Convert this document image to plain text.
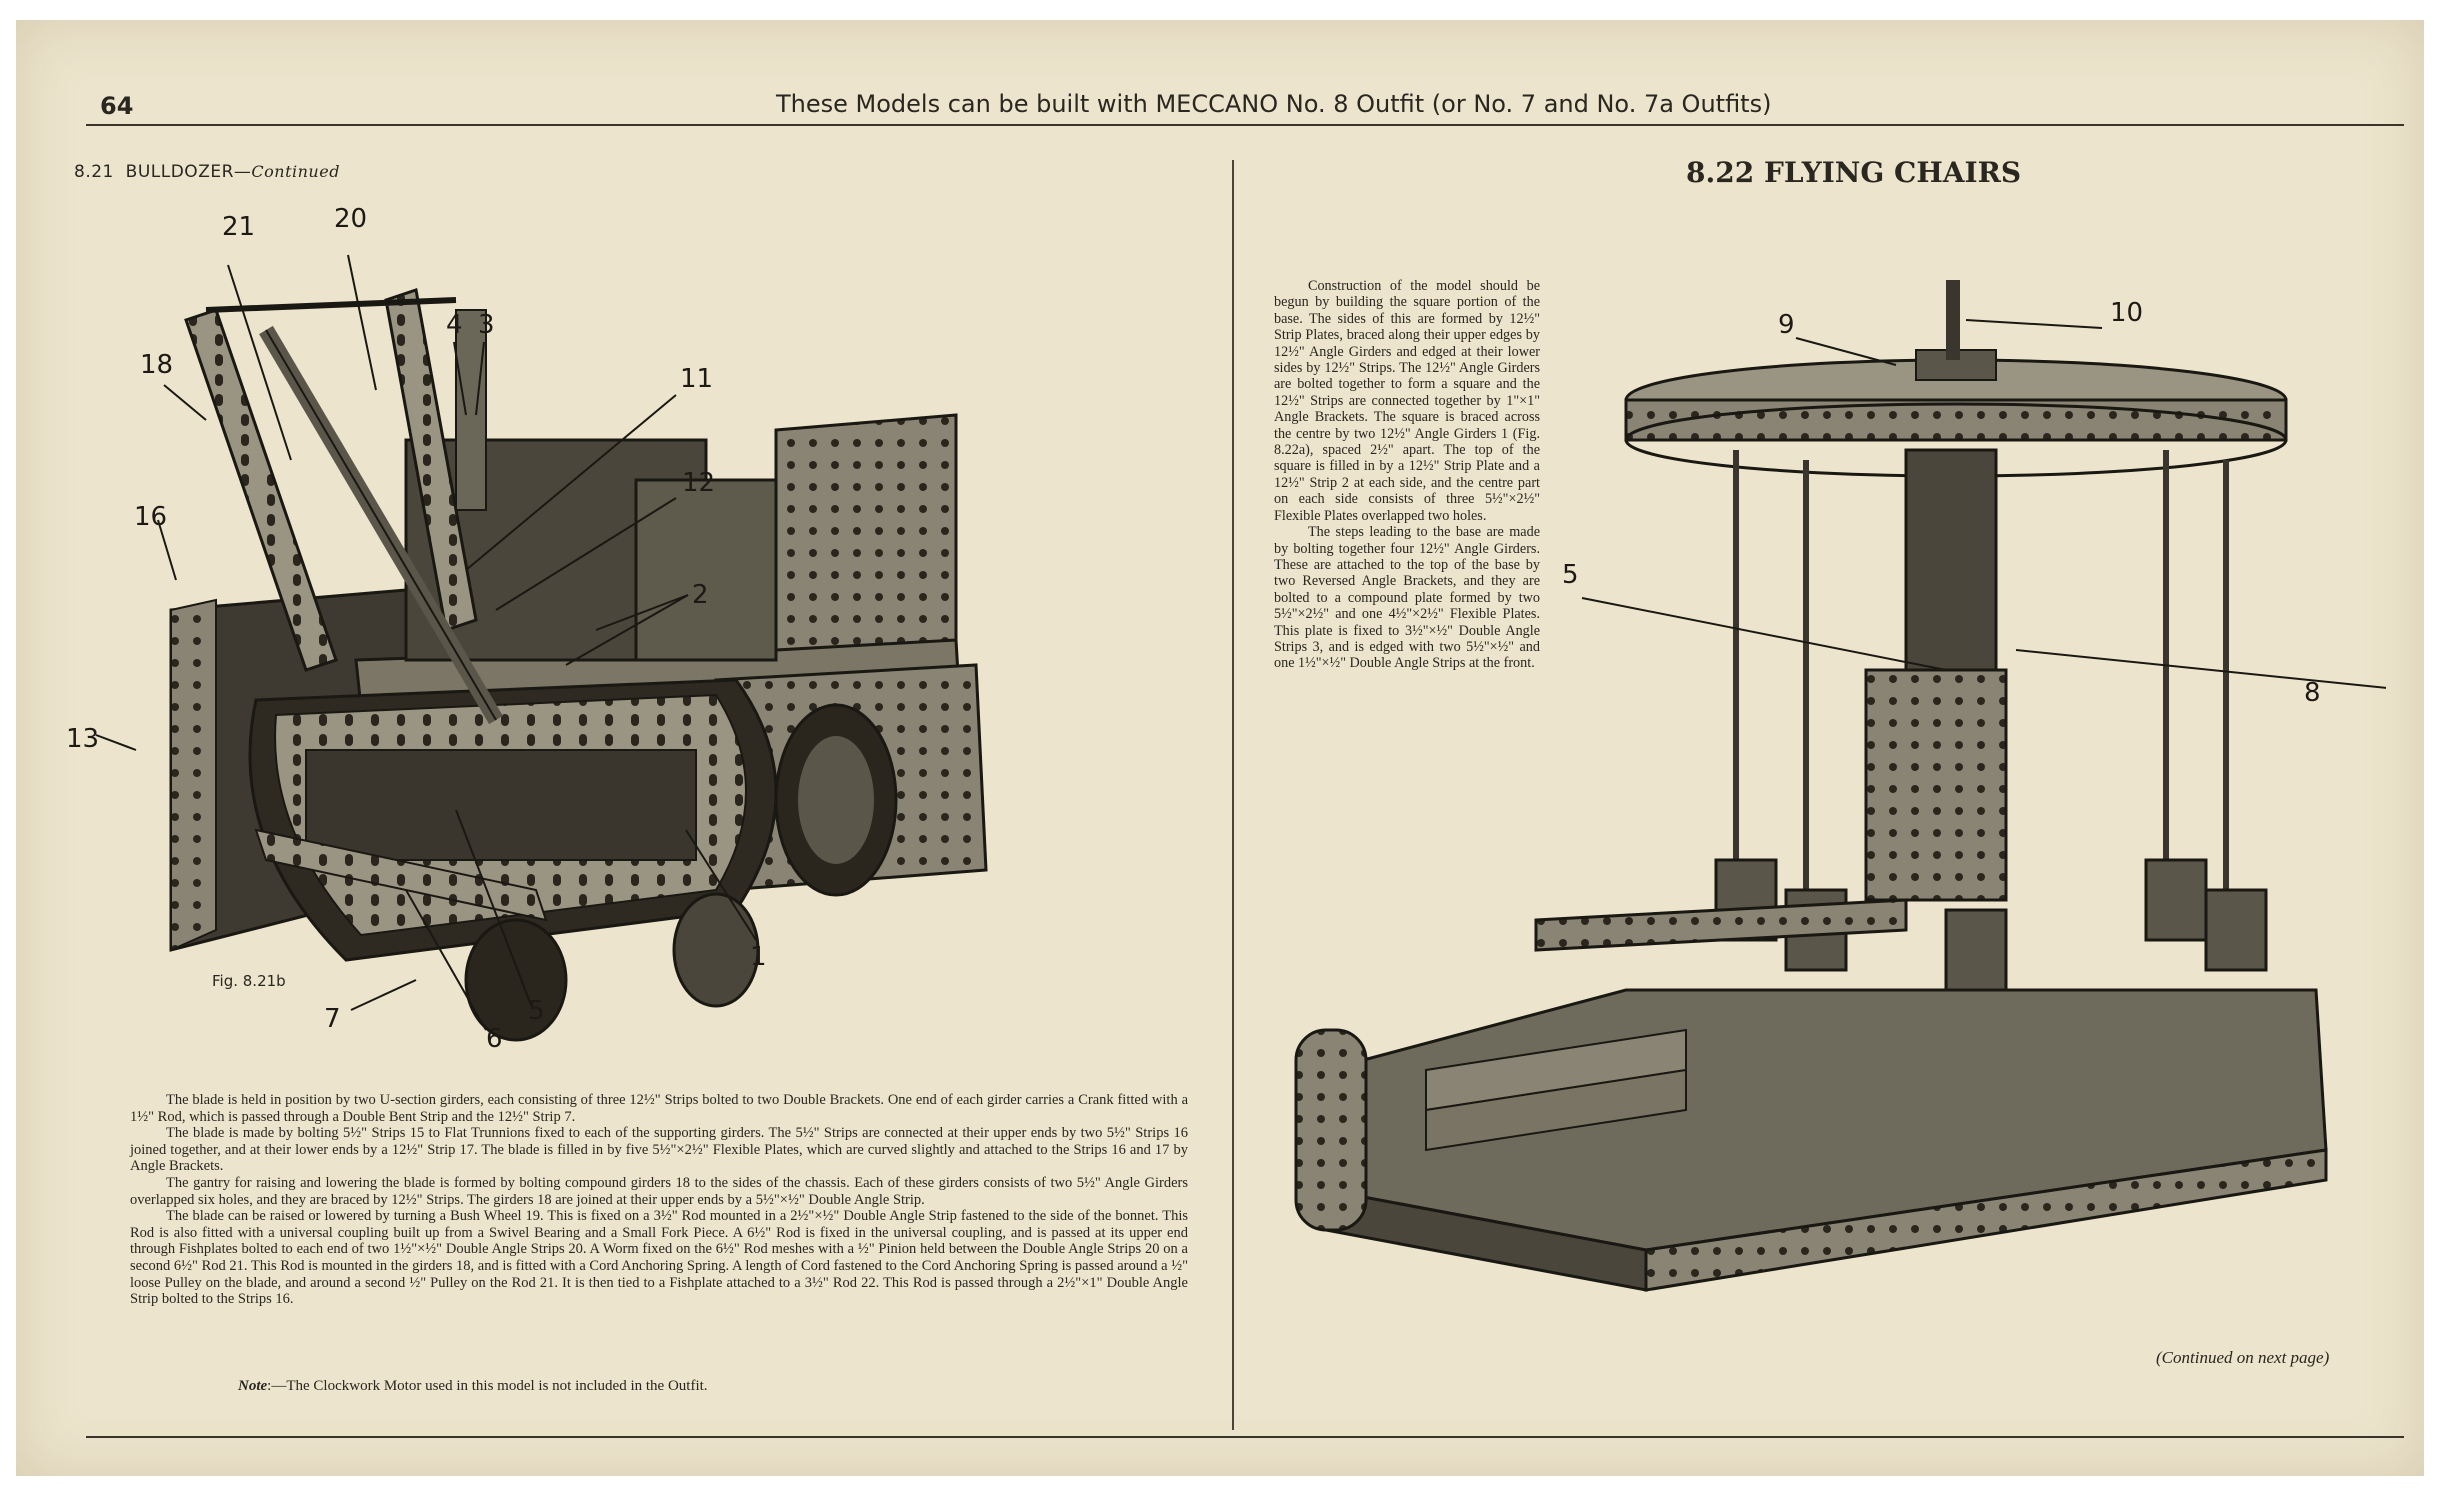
64	These Models can be built with MECCANO No. 8 Outfit (or No. 7 and No. 7a Outfits)
8.21 BULLDOZER—Continued
21	20
4 3
18	11
12
16
2
13
1
7
6
5
Fig. 8.21b

The blade is held in position by two U-section girders, each consisting of three 12½" Strips bolted to two Double Brackets. One end of each girder carries a Crank fitted with a 1½" Rod, which is passed through a Double Bent Strip and the 12½" Strip 7.

The blade is made by bolting 5½" Strips 15 to Flat Trunnions fixed to each of the supporting girders. The 5½" Strips are connected at their upper ends by two 5½" Strips 16 joined together, and at their lower ends by a 12½" Strip 17. The blade is filled in by five 5½"×2½" Flexible Plates, which are curved slightly and attached to the Strips 16 and 17 by Angle Brackets.

The gantry for raising and lowering the blade is formed by bolting compound girders 18 to the sides of the chassis. Each of these girders consists of two 5½" Angle Girders overlapped six holes, and they are braced by 12½" Strips. The girders 18 are joined at their upper ends by a 5½"×½" Double Angle Strip.

The blade can be raised or lowered by turning a Bush Wheel 19. This is fixed on a 3½" Rod mounted in a 2½"×½" Double Angle Strip fastened to the side of the bonnet. This Rod is also fitted with a universal coupling built up from a Swivel Bearing and a Small Fork Piece. A 6½" Rod is fixed in the universal coupling, and is passed at its upper end through Fishplates bolted to each end of two 1½"×½" Double Angle Strips 20. A Worm fixed on the 6½" Rod meshes with a ½" Pinion held between the Double Angle Strips 20 on a second 6½" Rod 21. This Rod is mounted in the girders 18, and is fitted with a Cord Anchoring Spring. A length of Cord fastened to the Cord Anchoring Spring is passed around a ½" loose Pulley on the blade, and around a second ½" Pulley on the Rod 21. It is then tied to a Fishplate attached to a 3½" Rod 22. This Rod is passed through a 2½"×1" Double Angle Strip bolted to the Strips 16.

Note:—The Clockwork Motor used in this model is not included in the Outfit.
8.22 FLYING CHAIRS

Construction of the model should be begun by building the square portion of the base. The sides of this are formed by 12½" Strip Plates, braced along their upper edges by 12½" Angle Girders and edged at their lower sides by 12½" Strips. The 12½" Angle Girders are bolted together to form a square and the 12½" Strips are connected together by 1"×1" Angle Brackets. The square is braced across the centre by two 12½" Angle Girders 1 (Fig. 8.22a), spaced 2½" apart. The top of the square is filled in by a 12½" Strip Plate and a 12½" Strip 2 at each side, and the centre part on each side consists of three 5½"×2½" Flexible Plates overlapped two holes.

The steps leading to the base are made by bolting together four 12½" Angle Girders. These are attached to the top of the base by two Reversed Angle Brackets, and they are bolted to a compound plate formed by two 5½"×2½" and one 4½"×2½" Flexible Plates. This plate is fixed to 3½"×½" Double Angle Strips 3, and is edged with two 5½"×½" and one 1½"×½" Double Angle Strips at the front.

9	10
5
8
(Continued on next page)
